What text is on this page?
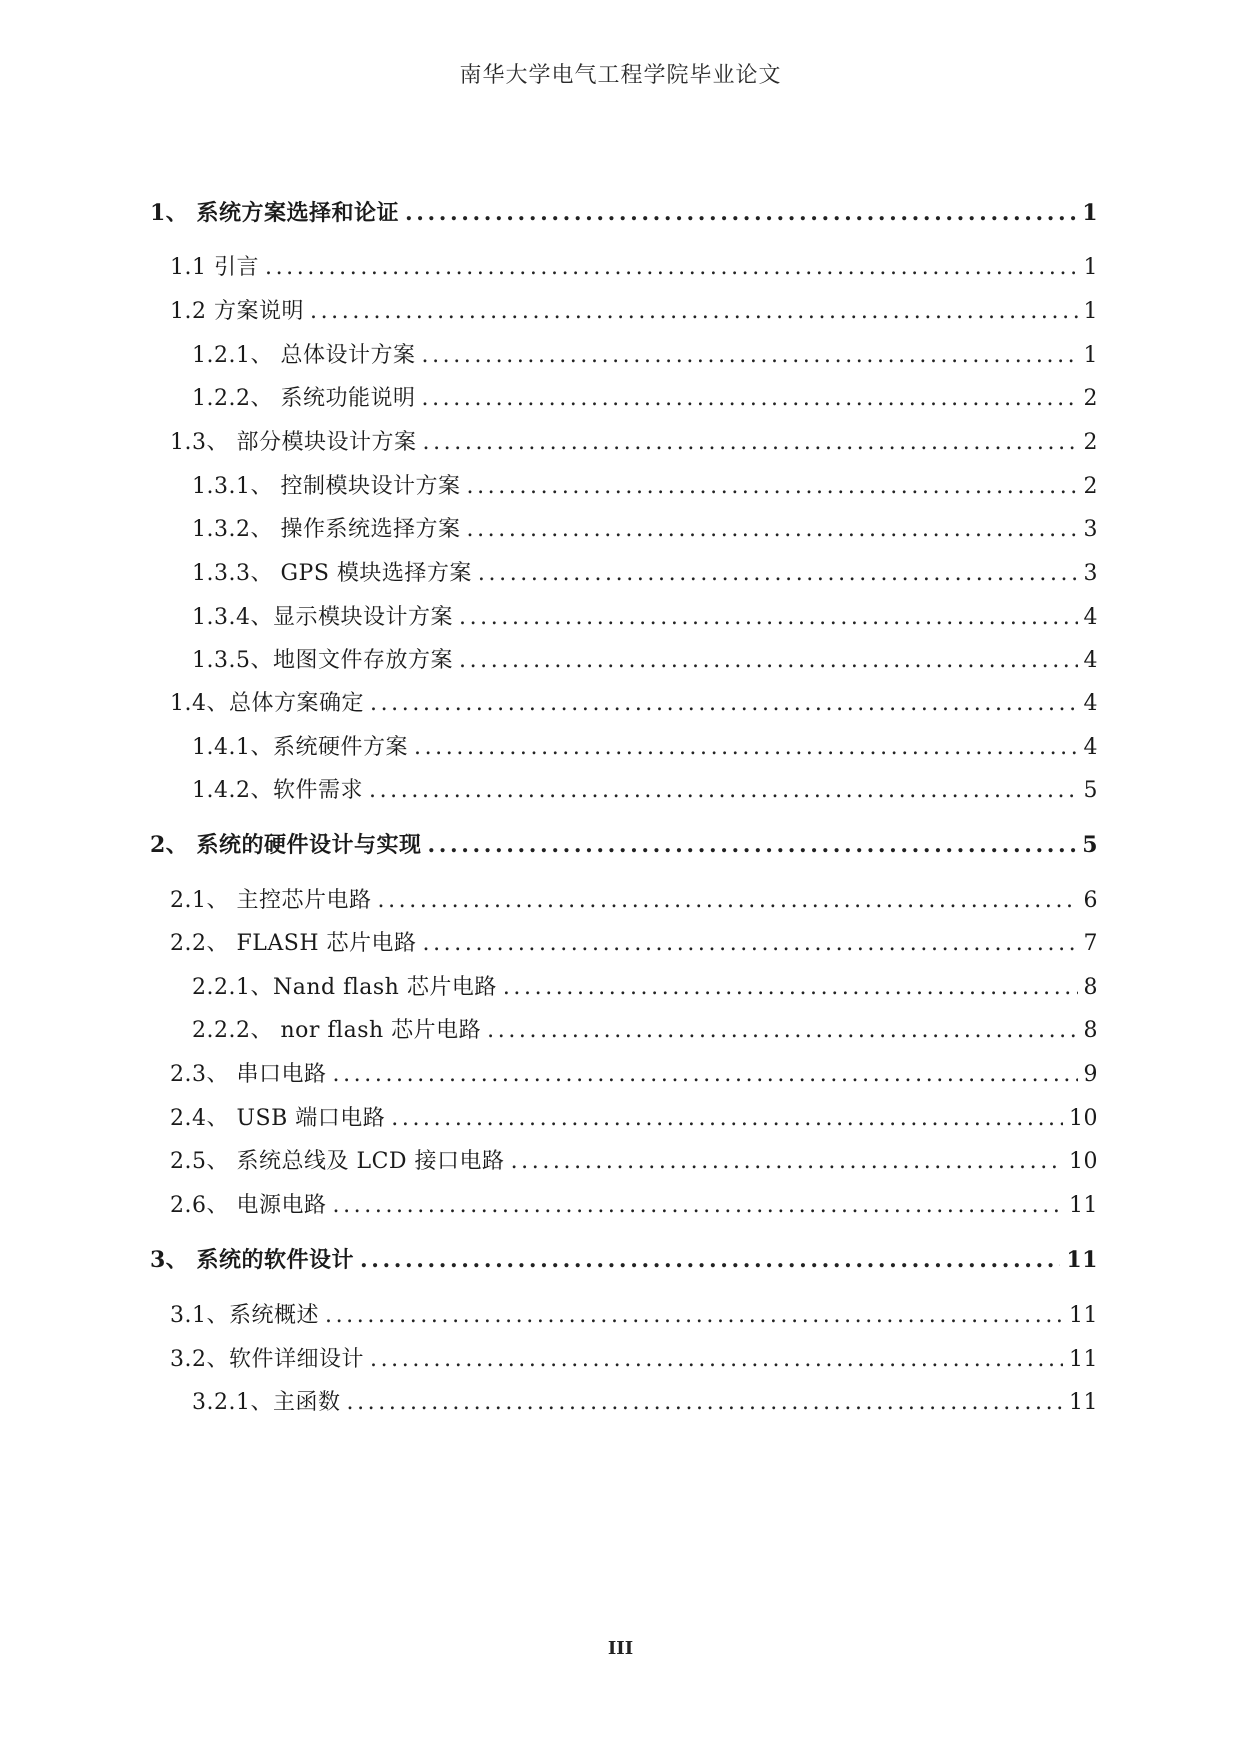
南华大学电气工程学院毕业论文
1、 系统方案选择和论证 .....	1
1.1 引言 .....	1
1.2 方案说明 .....	1
1.2.1、 总体设计方案 .....	1
1.2.2、 系统功能说明 .....	2
1.3、 部分模块设计方案 .....	2
1.3.1、 控制模块设计方案 .....	2
1.3.2、 操作系统选择方案 .....	3
1.3.3、 GPS 模块选择方案 .....	3
1.3.4、显示模块设计方案 .....	4
1.3.5、地图文件存放方案 .....	4
1.4、总体方案确定 .....	4
1.4.1、系统硬件方案 .....	4
1.4.2、软件需求 .....	5
2、 系统的硬件设计与实现 .....	5
2.1、 主控芯片电路 .....	6
2.2、 FLASH 芯片电路 .....	7
2.2.1、Nand flash 芯片电路 .....	8
2.2.2、 nor flash 芯片电路 .....	8
2.3、 串口电路 .....	9
2.4、 USB 端口电路 .....	10
2.5、 系统总线及 LCD 接口电路 .....	10
2.6、 电源电路 .....	11
3、 系统的软件设计 .....	11
3.1、系统概述 .....	11
3.2、软件详细设计 .....	11
3.2.1、主函数 .....	11
III
